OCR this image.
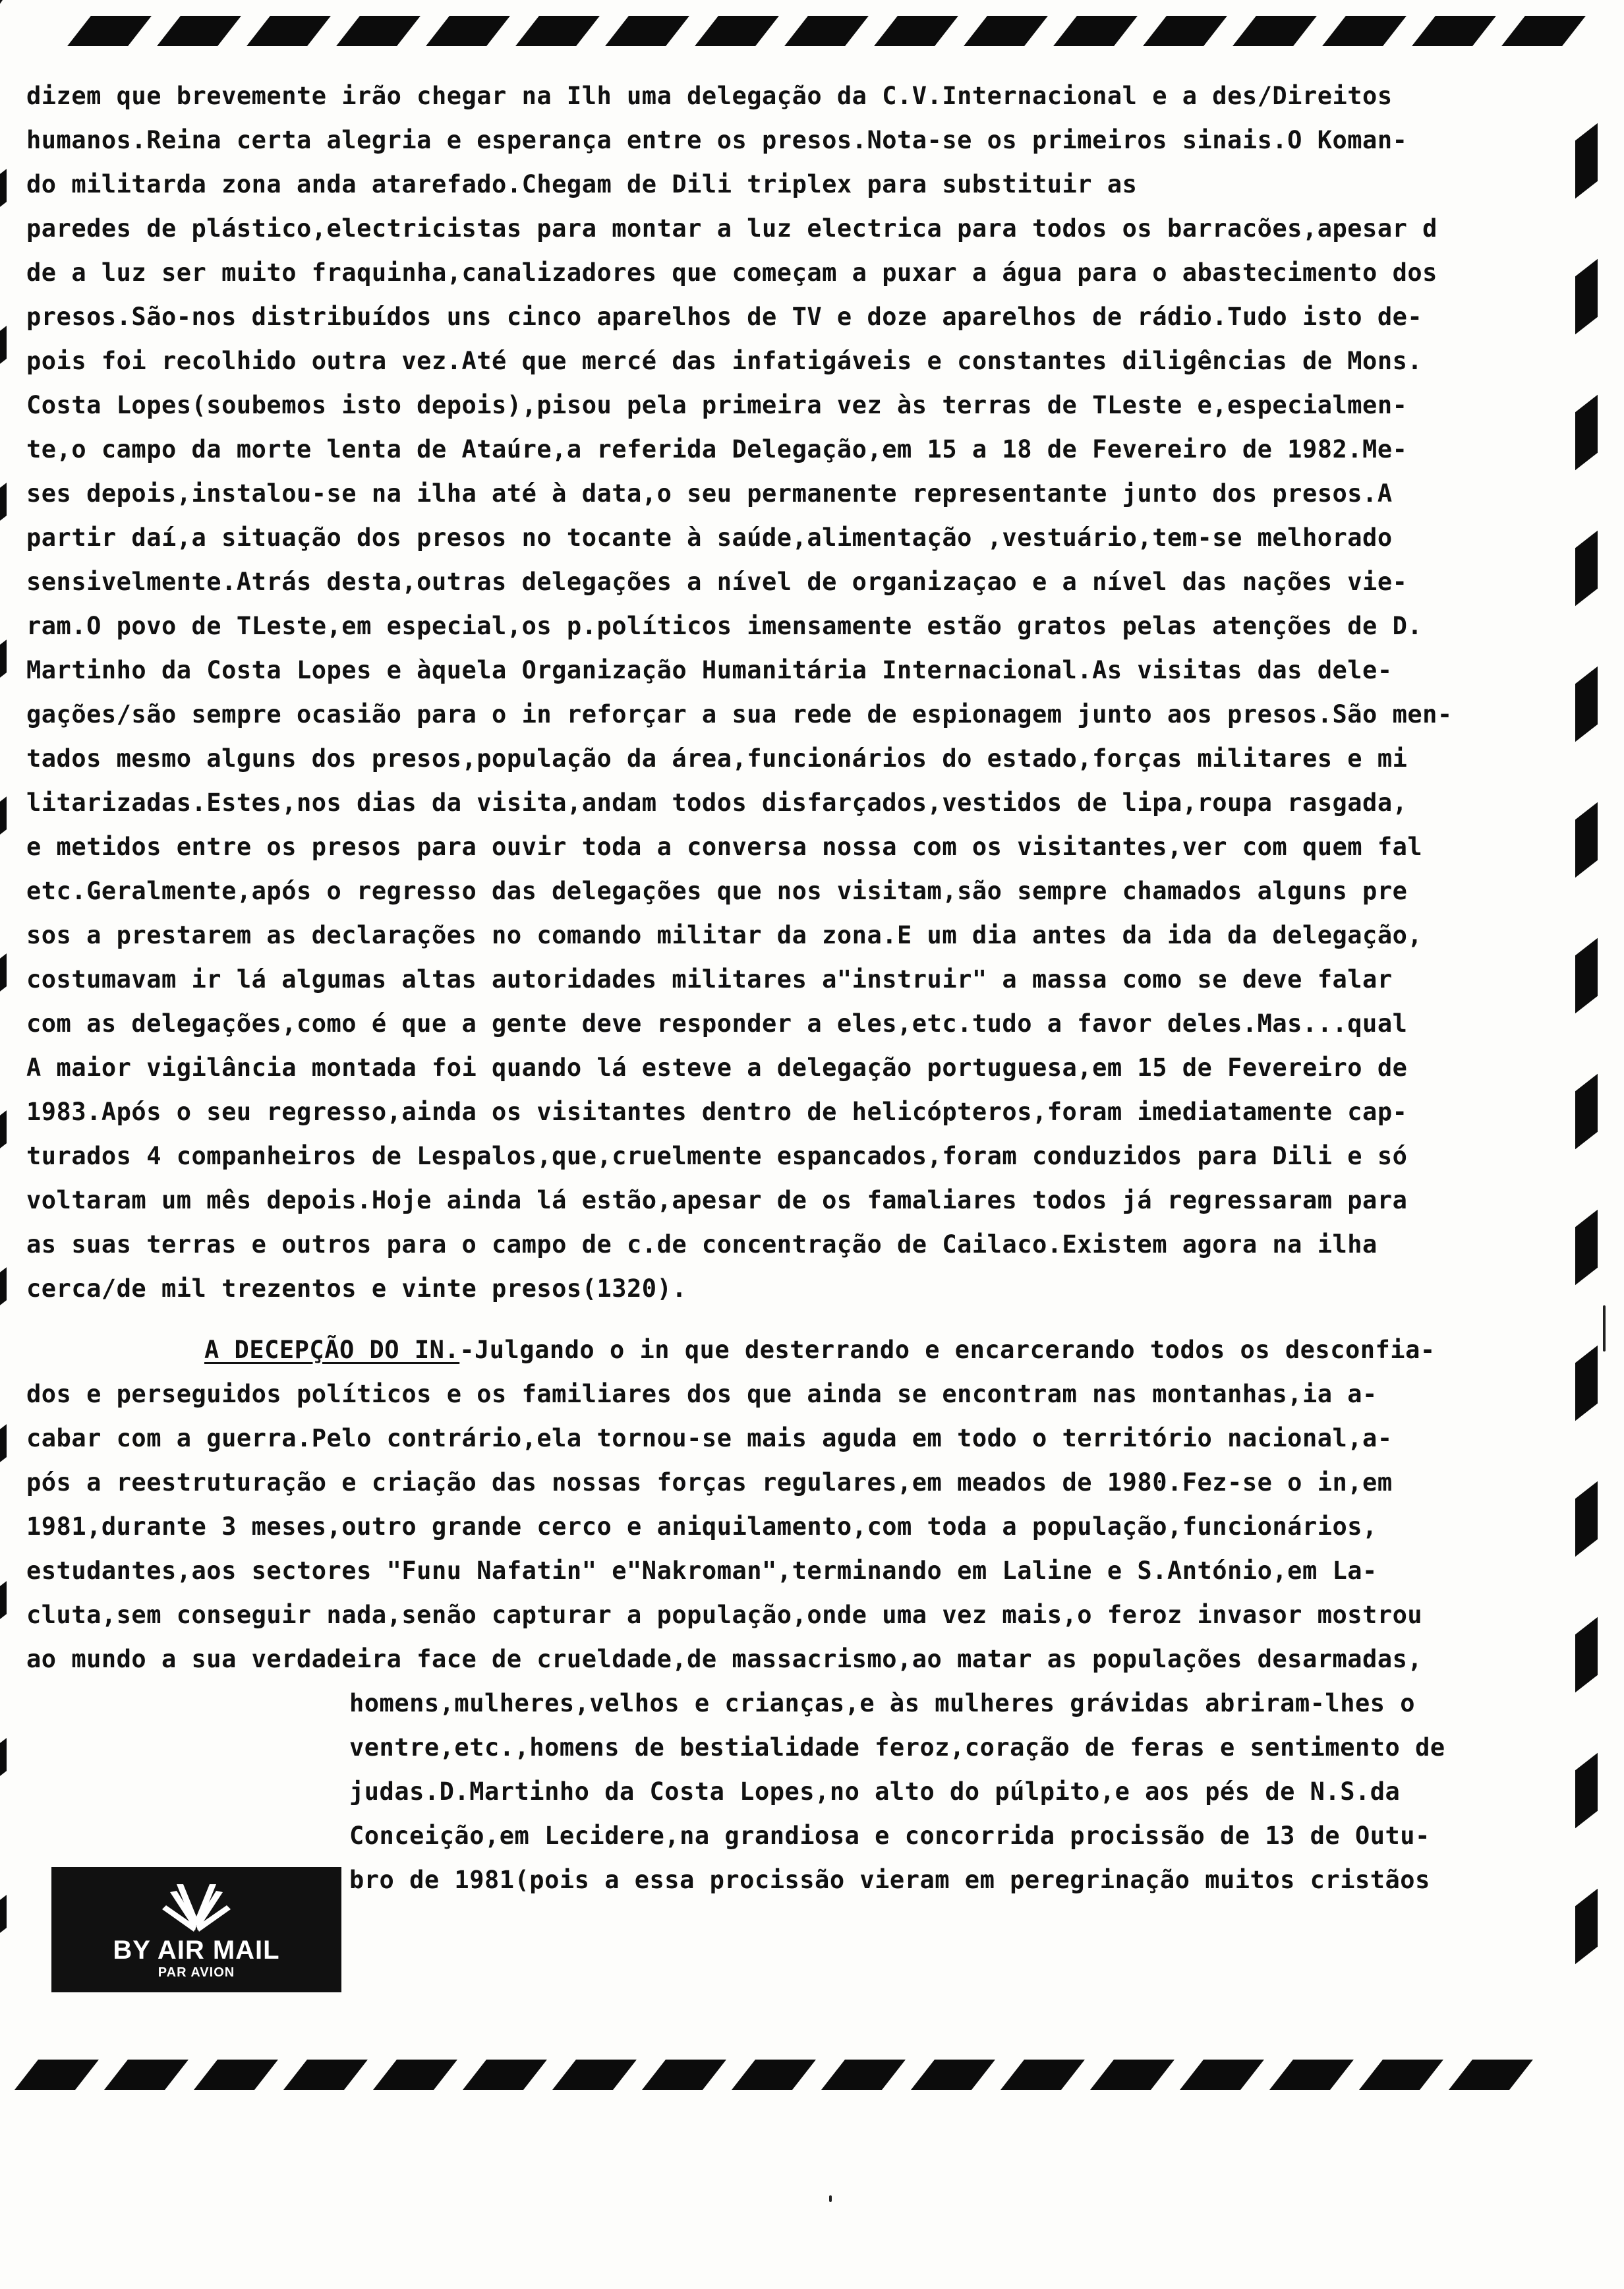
dizem que brevemente irão chegar na Ilh uma delegação da C.V.Internacional e a des/Direitos
humanos.Reina certa alegria e esperança entre os presos.Nota-se os primeiros sinais.O Koman-
do militarda zona anda atarefado.Chegam de Dili triplex para substituir as
paredes de plástico,electricistas para montar a luz electrica para todos os barracões,apesar d
de a luz ser muito fraquinha,canalizadores que começam a puxar a água para o abastecimento dos
presos.São-nos distribuídos uns cinco aparelhos de TV e doze aparelhos de rádio.Tudo isto de-
pois foi recolhido outra vez.Até que mercé das infatigáveis e constantes diligências de Mons.
Costa Lopes(soubemos isto depois),pisou pela primeira vez às terras de TLeste e,especialmen-
te,o campo da morte lenta de Ataúre,a referida Delegação,em 15 a 18 de Fevereiro de 1982.Me-
ses depois,instalou-se na ilha até à data,o seu permanente representante junto dos presos.A
partir daí,a situação dos presos no tocante à saúde,alimentação ,vestuário,tem-se melhorado
sensivelmente.Atrás desta,outras delegações a nível de organizaçao e a nível das nações vie-
ram.O povo de TLeste,em especial,os p.políticos imensamente estão gratos pelas atenções de D.
Martinho da Costa Lopes e àquela Organização Humanitária Internacional.As visitas das dele-
gações/são sempre ocasião para o in reforçar a sua rede de espionagem junto aos presos.São men-
tados mesmo alguns dos presos,população da área,funcionários do estado,forças militares e mi
litarizadas.Estes,nos dias da visita,andam todos disfarçados,vestidos de lipa,roupa rasgada,
e metidos entre os presos para ouvir toda a conversa nossa com os visitantes,ver com quem fal
etc.Geralmente,após o regresso das delegações que nos visitam,são sempre chamados alguns pre
sos a prestarem as declarações no comando militar da zona.E um dia antes da ida da delegação,
costumavam ir lá algumas altas autoridades militares a"instruir" a massa como se deve falar
com as delegações,como é que a gente deve responder a eles,etc.tudo a favor deles.Mas...qual
A maior vigilância montada foi quando lá esteve a delegação portuguesa,em 15 de Fevereiro de
1983.Após o seu regresso,ainda os visitantes dentro de helicópteros,foram imediatamente cap-
turados 4 companheiros de Lespalos,que,cruelmente espancados,foram conduzidos para Dili e só
voltaram um mês depois.Hoje ainda lá estão,apesar de os famaliares todos já regressaram para
as suas terras e outros para o campo de c.de concentração de Cailaco.Existem agora na ilha
cerca/de mil trezentos e vinte presos(1320).
A DECEPÇÃO DO IN.-Julgando o in que desterrando e encarcerando todos os desconfia-
dos e perseguidos políticos e os familiares dos que ainda se encontram nas montanhas,ia a-
cabar com a guerra.Pelo contrário,ela tornou-se mais aguda em todo o território nacional,a-
pós a reestruturação e criação das nossas forças regulares,em meados de 1980.Fez-se o in,em
1981,durante 3 meses,outro grande cerco e aniquilamento,com toda a população,funcionários,
estudantes,aos sectores "Funu Nafatin" e"Nakroman",terminando em Laline e S.António,em La-
cluta,sem conseguir nada,senão capturar a população,onde uma vez mais,o feroz invasor mostrou
ao mundo a sua verdadeira face de crueldade,de massacrismo,ao matar as populações desarmadas,
homens,mulheres,velhos e crianças,e às mulheres grávidas abriram-lhes o
ventre,etc.,homens de bestialidade feroz,coração de feras e sentimento de
judas.D.Martinho da Costa Lopes,no alto do púlpito,e aos pés de N.S.da
Conceição,em Lecidere,na grandiosa e concorrida procissão de 13 de Outu-
bro de 1981(pois a essa procissão vieram em peregrinação muitos cristãos
BY AIR MAIL
PAR AVION
